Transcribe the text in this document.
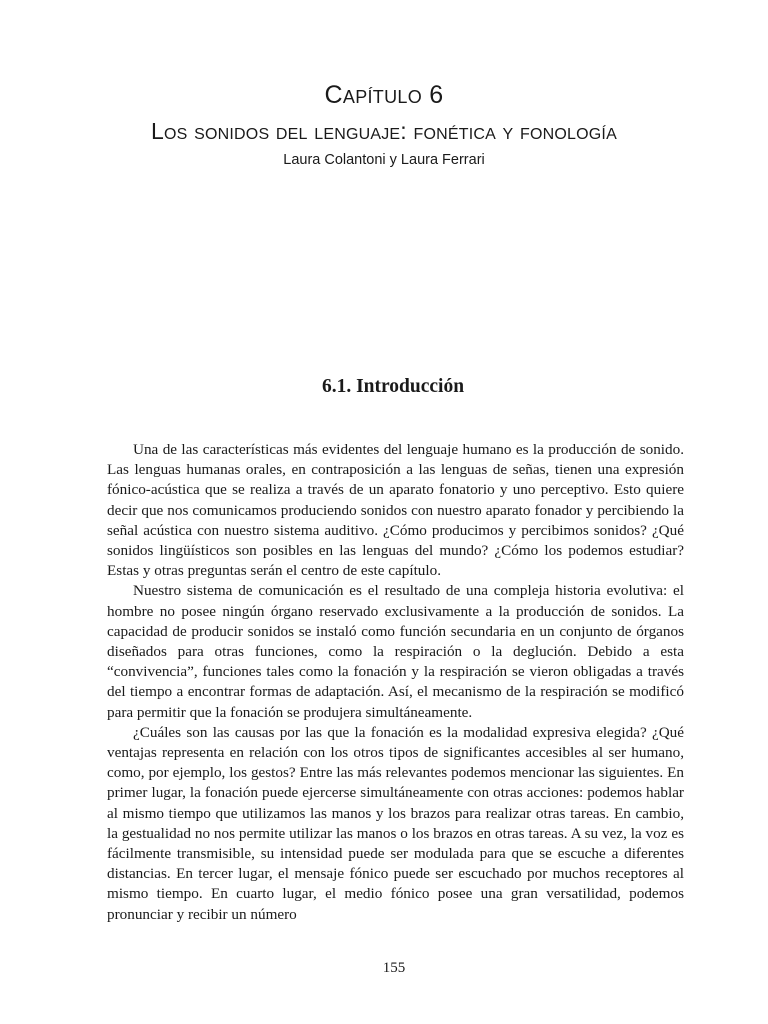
Capítulo 6
Los sonidos del lenguaje: fonética y fonología
Laura Colantoni y Laura Ferrari
6.1. Introducción

Una de las características más evidentes del lenguaje humano es la producción de sonido. Las lenguas humanas orales, en contraposición a las lenguas de señas, tienen una expresión fónico-acústica que se realiza a través de un aparato fonatorio y uno perceptivo. Esto quiere decir que nos comunicamos produciendo sonidos con nuestro aparato fonador y percibiendo la señal acústica con nuestro sistema auditivo. ¿Cómo producimos y percibimos sonidos? ¿Qué sonidos lingüísticos son posibles en las lenguas del mundo? ¿Cómo los podemos estudiar? Estas y otras preguntas serán el centro de este capítulo.

Nuestro sistema de comunicación es el resultado de una compleja historia evolutiva: el hombre no posee ningún órgano reservado exclusivamente a la producción de sonidos. La capacidad de producir sonidos se instaló como función secundaria en un conjunto de órganos diseñados para otras funciones, como la respiración o la deglución. Debido a esta “convivencia”, funciones tales como la fonación y la respiración se vieron obligadas a través del tiempo a encontrar formas de adaptación. Así, el mecanismo de la respiración se modificó para permitir que la fonación se produjera simultáneamente.

¿Cuáles son las causas por las que la fonación es la modalidad expresiva elegida? ¿Qué ventajas representa en relación con los otros tipos de significantes accesibles al ser humano, como, por ejemplo, los gestos? Entre las más relevantes podemos mencionar las siguientes. En primer lugar, la fonación puede ejercerse simultáneamente con otras acciones: podemos hablar al mismo tiempo que utilizamos las manos y los brazos para realizar otras tareas. En cambio, la gestualidad no nos permite utilizar las manos o los brazos en otras tareas. A su vez, la voz es fácilmente transmisible, su intensidad puede ser modulada para que se escuche a diferentes distancias. En tercer lugar, el mensaje fónico puede ser escuchado por muchos receptores al mismo tiempo. En cuarto lugar, el medio fónico posee una gran versatilidad, podemos pronunciar y recibir un número

155
